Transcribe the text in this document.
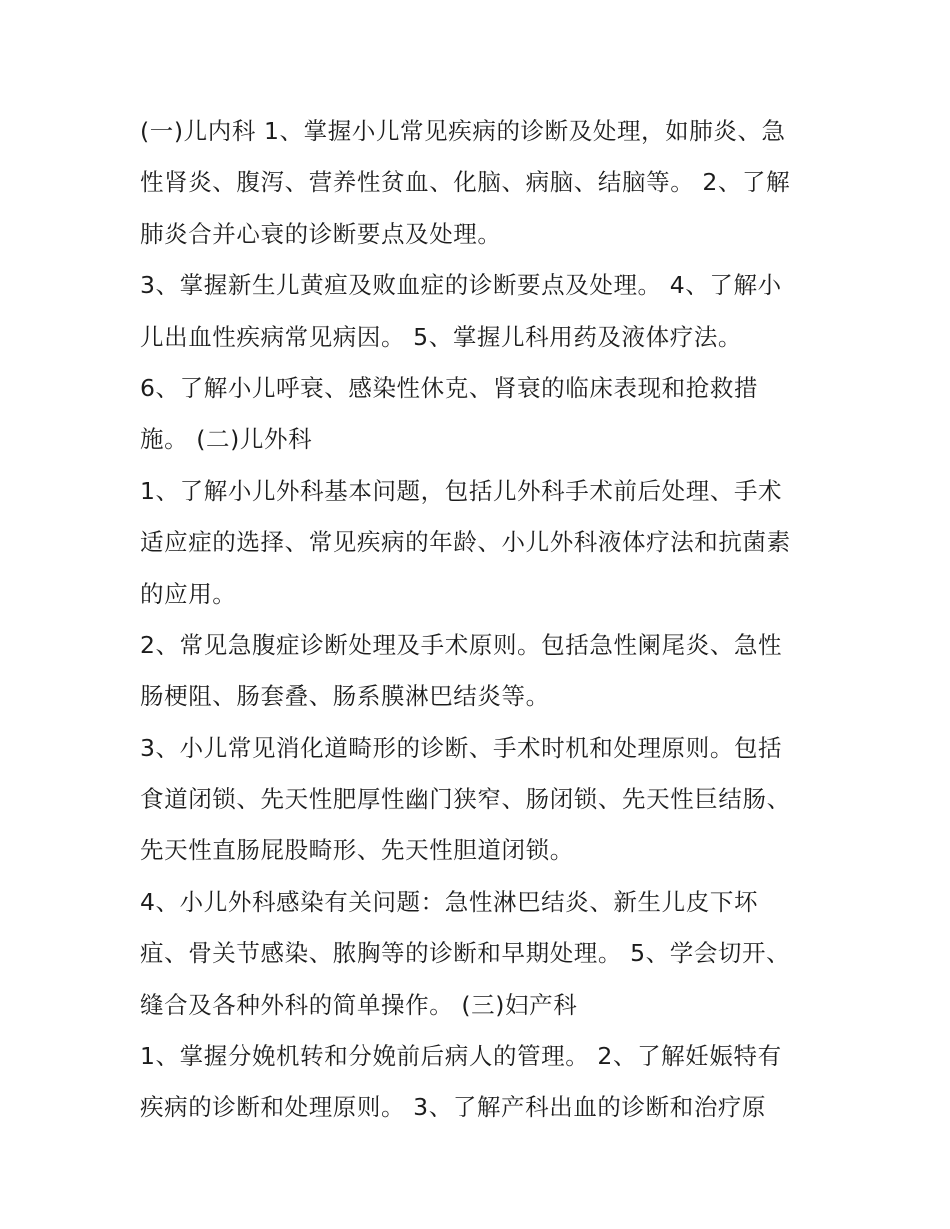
(一)儿内科 1、掌握小儿常见疾病的诊断及处理，如肺炎、急
性肾炎、腹泻、营养性贫血、化脑、病脑、结脑等。 2、了解
肺炎合并心衰的诊断要点及处理。
3、掌握新生儿黄疸及败血症的诊断要点及处理。 4、了解小
儿出血性疾病常见病因。 5、掌握儿科用药及液体疗法。
6、了解小儿呼衰、感染性休克、肾衰的临床表现和抢救措
施。 (二)儿外科
1、了解小儿外科基本问题，包括儿外科手术前后处理、手术
适应症的选择、常见疾病的年龄、小儿外科液体疗法和抗菌素
的应用。
2、常见急腹症诊断处理及手术原则。包括急性阑尾炎、急性
肠梗阻、肠套叠、肠系膜淋巴结炎等。
3、小儿常见消化道畸形的诊断、手术时机和处理原则。包括
食道闭锁、先天性肥厚性幽门狭窄、肠闭锁、先天性巨结肠、
先天性直肠屁股畸形、先天性胆道闭锁。
4、小儿外科感染有关问题：急性淋巴结炎、新生儿皮下坏
疽、骨关节感染、脓胸等的诊断和早期处理。 5、学会切开、
缝合及各种外科的简单操作。 (三)妇产科
1、掌握分娩机转和分娩前后病人的管理。 2、了解妊娠特有
疾病的诊断和处理原则。 3、了解产科出血的诊断和治疗原
